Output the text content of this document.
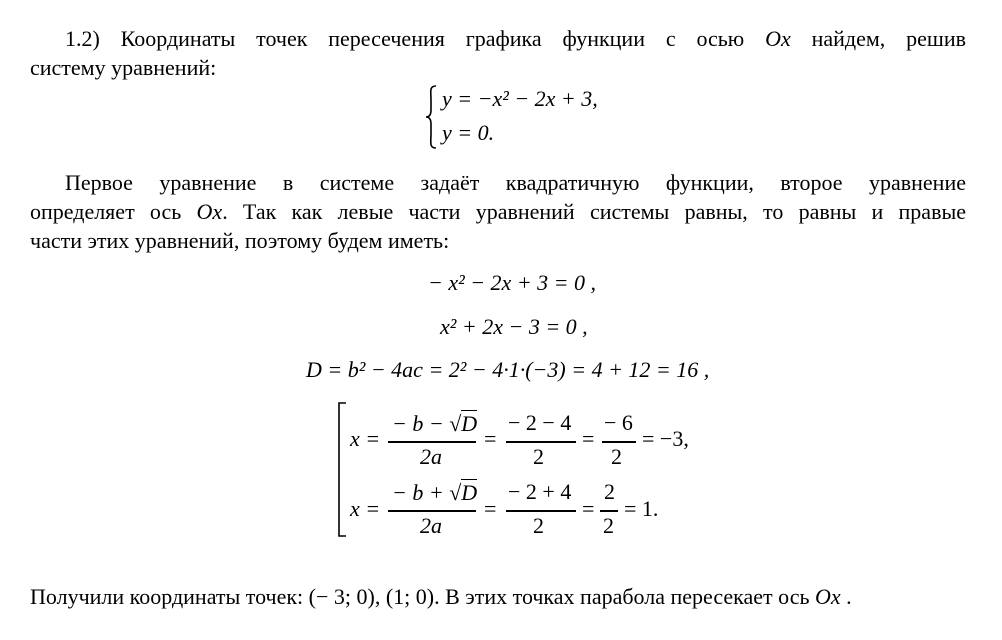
1.2) Координаты точек пересечения графика функции с осью Ox найдем, решив
систему уравнений:
y = −x² − 2x + 3,
y = 0.
Первое уравнение в системе задаёт квадратичную функции, второе уравнение
определяет ось Ox. Так как левые части уравнений системы равны, то равны и правые
части этих уравнений, поэтому будем иметь:
− x² − 2x + 3 = 0 ,
x² + 2x − 3 = 0 ,
D = b² − 4ac = 2² − 4·1·(−3) = 4 + 12 = 16 ,
x =
− b − √D
2a
=
− 2 − 4
2
=
− 6
2
= −3,
x =
− b + √D
2a
=
− 2 + 4
2
=
2
2
= 1.
Получили координаты точек: (− 3; 0), (1; 0). В этих точках парабола пересекает ось Ox .
